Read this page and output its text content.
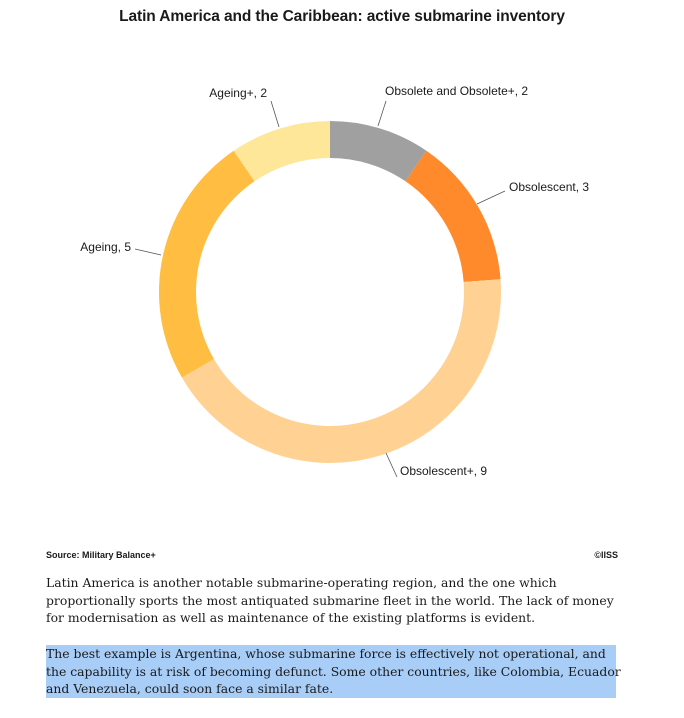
Latin America and the Caribbean: active submarine inventory
Obsolete and Obsolete+, 2
Obsolescent, 3
Obsolescent+, 9
Ageing, 5
Ageing+, 2
Source: Military Balance+	©IISS

Latin America is another notable submarine-operating region, and the one which proportionally sports the most antiquated submarine fleet in the world. The lack of money for modernisation as well as maintenance of the existing platforms is evident.

The best example is Argentina, whose submarine force is effectively not operational, and the capability is at risk of becoming defunct. Some other countries, like Colombia, Ecuador and Venezuela, could soon face a similar fate.
